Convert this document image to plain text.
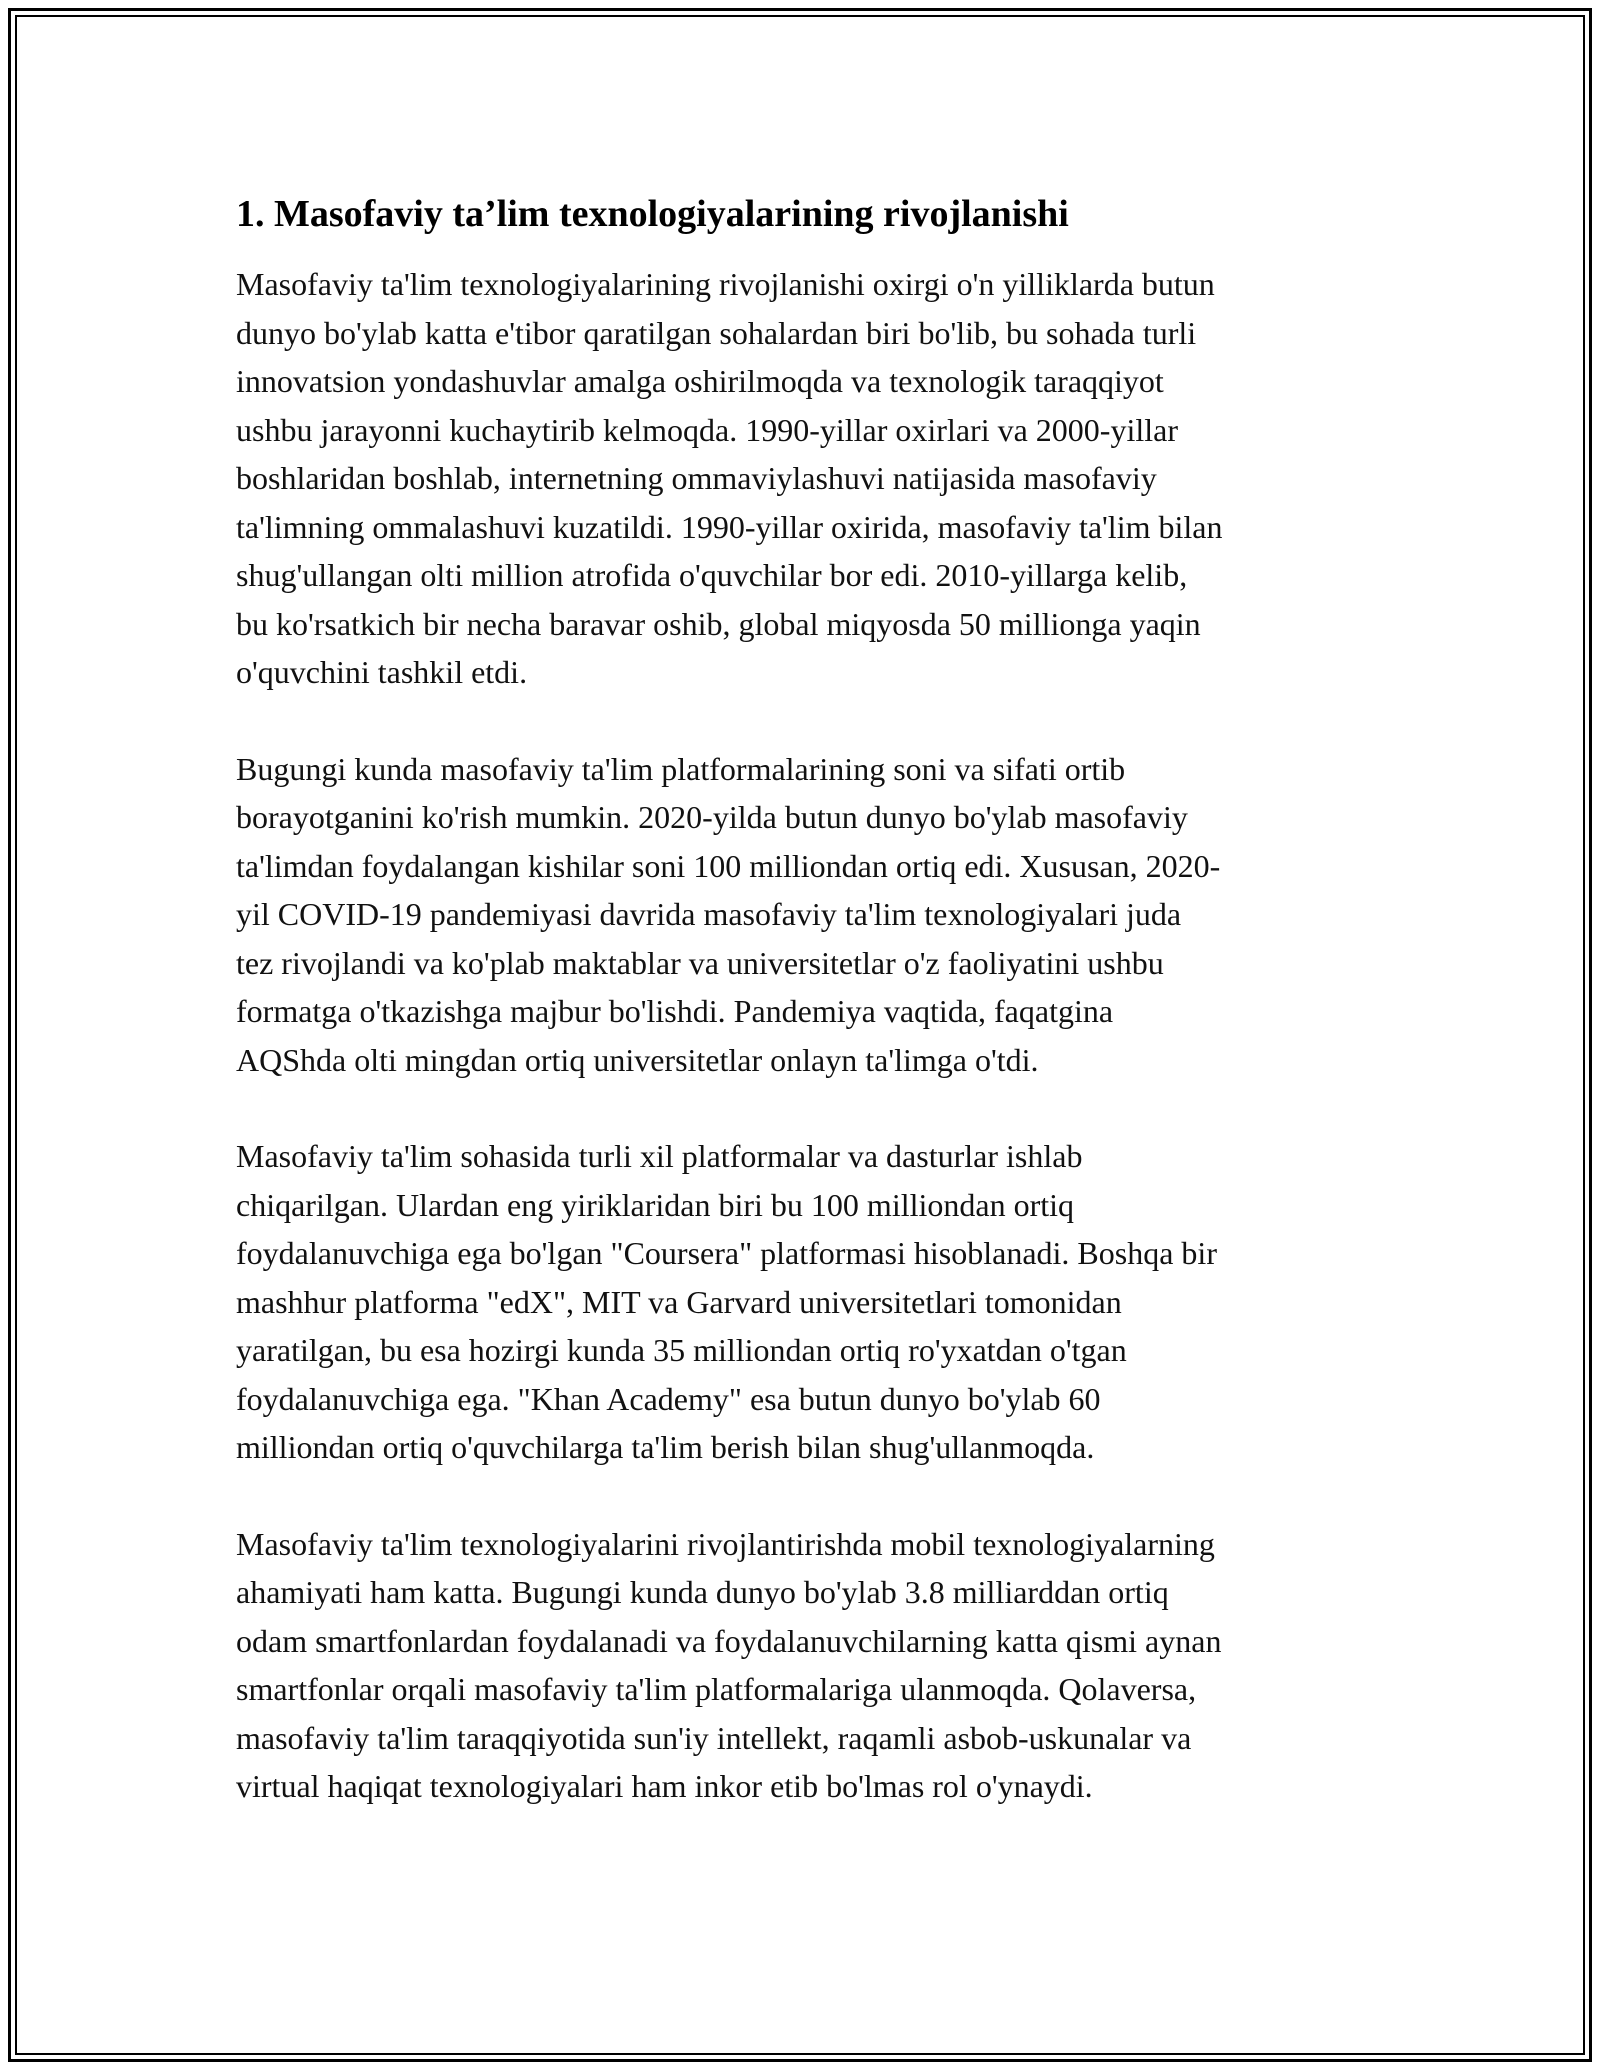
1. Masofaviy ta’lim texnologiyalarining rivojlanishi

Masofaviy ta'lim texnologiyalarining rivojlanishi oxirgi o'n yilliklarda butun
dunyo bo'ylab katta e'tibor qaratilgan sohalardan biri bo'lib, bu sohada turli
innovatsion yondashuvlar amalga oshirilmoqda va texnologik taraqqiyot
ushbu jarayonni kuchaytirib kelmoqda. 1990-yillar oxirlari va 2000-yillar
boshlaridan boshlab, internetning ommaviylashuvi natijasida masofaviy
ta'limning ommalashuvi kuzatildi. 1990-yillar oxirida, masofaviy ta'lim bilan
shug'ullangan olti million atrofida o'quvchilar bor edi. 2010-yillarga kelib,
bu ko'rsatkich bir necha baravar oshib, global miqyosda 50 millionga yaqin
o'quvchini tashkil etdi.

Bugungi kunda masofaviy ta'lim platformalarining soni va sifati ortib
borayotganini ko'rish mumkin. 2020-yilda butun dunyo bo'ylab masofaviy
ta'limdan foydalangan kishilar soni 100 milliondan ortiq edi. Xususan, 2020-
yil COVID-19 pandemiyasi davrida masofaviy ta'lim texnologiyalari juda
tez rivojlandi va ko'plab maktablar va universitetlar o'z faoliyatini ushbu
formatga o'tkazishga majbur bo'lishdi. Pandemiya vaqtida, faqatgina
AQShda olti mingdan ortiq universitetlar onlayn ta'limga o'tdi.

Masofaviy ta'lim sohasida turli xil platformalar va dasturlar ishlab
chiqarilgan. Ulardan eng yiriklaridan biri bu 100 milliondan ortiq
foydalanuvchiga ega bo'lgan "Coursera" platformasi hisoblanadi. Boshqa bir
mashhur platforma "edX", MIT va Garvard universitetlari tomonidan
yaratilgan, bu esa hozirgi kunda 35 milliondan ortiq ro'yxatdan o'tgan
foydalanuvchiga ega. "Khan Academy" esa butun dunyo bo'ylab 60
milliondan ortiq o'quvchilarga ta'lim berish bilan shug'ullanmoqda.

Masofaviy ta'lim texnologiyalarini rivojlantirishda mobil texnologiyalarning
ahamiyati ham katta. Bugungi kunda dunyo bo'ylab 3.8 milliarddan ortiq
odam smartfonlardan foydalanadi va foydalanuvchilarning katta qismi aynan
smartfonlar orqali masofaviy ta'lim platformalariga ulanmoqda. Qolaversa,
masofaviy ta'lim taraqqiyotida sun'iy intellekt, raqamli asbob-uskunalar va
virtual haqiqat texnologiyalari ham inkor etib bo'lmas rol o'ynaydi.
